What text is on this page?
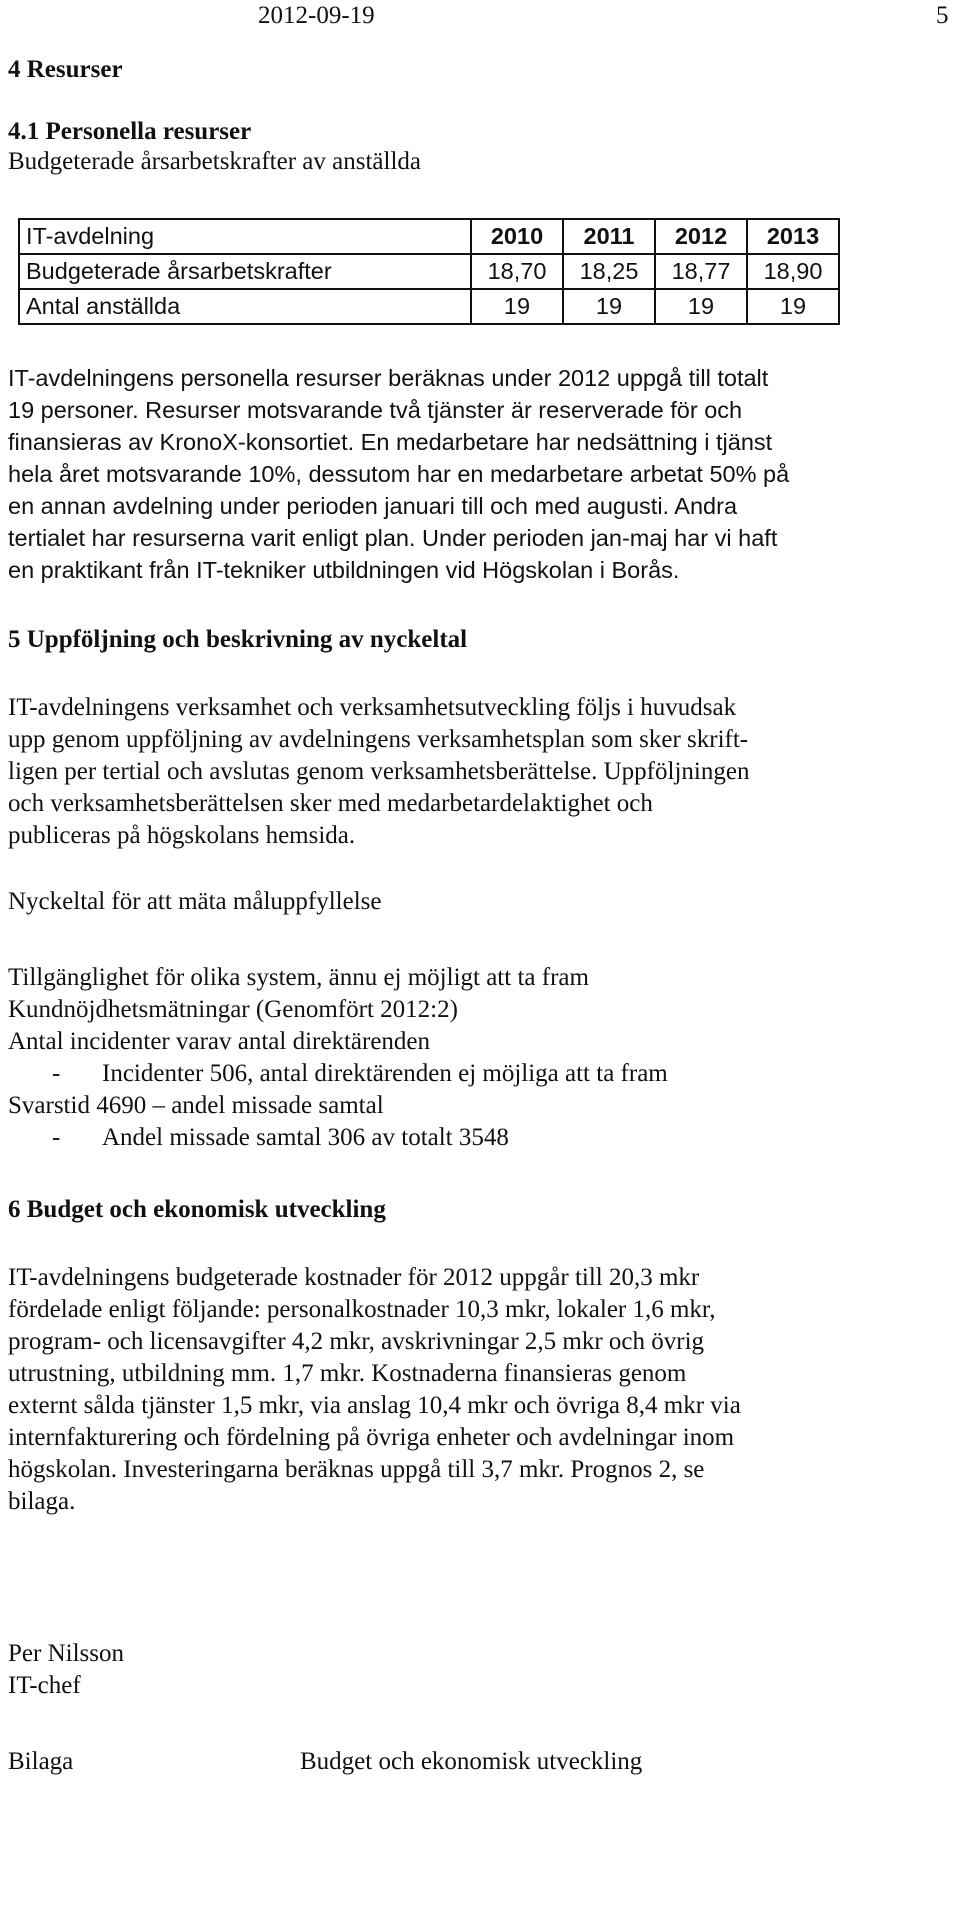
2012-09-19	5
4 Resurser
4.1 Personella resurser
Budgeterade årsarbetskrafter av anställda
IT-avdelning	2010	2011	2012	2013
Budgeterade årsarbetskrafter	18,70	18,25	18,77	18,90
Antal anställda	19	19	19	19
IT-avdelningens personella resurser beräknas under 2012 uppgå till totalt
19 personer. Resurser motsvarande två tjänster är reserverade för och
finansieras av KronoX-konsortiet. En medarbetare har nedsättning i tjänst
hela året motsvarande 10%, dessutom har en medarbetare arbetat 50% på
en annan avdelning under perioden januari till och med augusti. Andra
tertialet har resurserna varit enligt plan. Under perioden jan-maj har vi haft
en praktikant från IT-tekniker utbildningen vid Högskolan i Borås.
5 Uppföljning och beskrivning av nyckeltal
IT-avdelningens verksamhet och verksamhetsutveckling följs i huvudsak
upp genom uppföljning av avdelningens verksamhetsplan som sker skrift-
ligen per tertial och avslutas genom verksamhetsberättelse. Uppföljningen
och verksamhetsberättelsen sker med medarbetardelaktighet och
publiceras på högskolans hemsida.
Nyckeltal för att mäta måluppfyllelse
Tillgänglighet för olika system, ännu ej möjligt att ta fram
Kundnöjdhetsmätningar (Genomfört 2012:2)
Antal incidenter varav antal direktärenden
- Incidenter 506, antal direktärenden ej möjliga att ta fram
Svarstid 4690 – andel missade samtal
- Andel missade samtal 306 av totalt 3548
6 Budget och ekonomisk utveckling
IT-avdelningens budgeterade kostnader för 2012 uppgår till 20,3 mkr
fördelade enligt följande: personalkostnader 10,3 mkr, lokaler 1,6 mkr,
program- och licensavgifter 4,2 mkr, avskrivningar 2,5 mkr och övrig
utrustning, utbildning mm. 1,7 mkr. Kostnaderna finansieras genom
externt sålda tjänster 1,5 mkr, via anslag 10,4 mkr och övriga 8,4 mkr via
internfakturering och fördelning på övriga enheter och avdelningar inom
högskolan. Investeringarna beräknas uppgå till 3,7 mkr. Prognos 2, se
bilaga.
Per Nilsson
IT-chef
Bilaga	Budget och ekonomisk utveckling
